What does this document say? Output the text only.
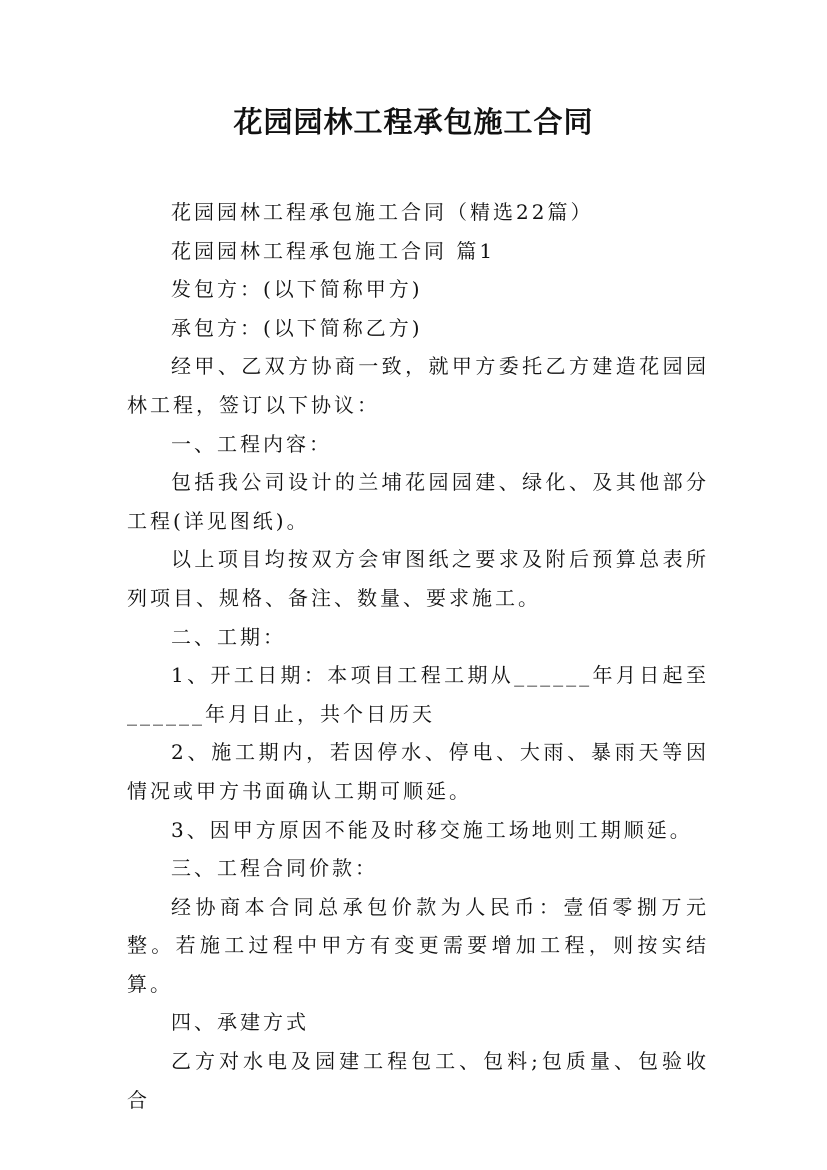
花园园林工程承包施工合同

花园园林工程承包施工合同（精选22篇）

花园园林工程承包施工合同 篇1

发包方：(以下简称甲方)

承包方：(以下简称乙方)

经甲、乙双方协商一致，就甲方委托乙方建造花园园林工程，签订以下协议：

一、工程内容：

包括我公司设计的兰埔花园园建、绿化、及其他部分工程(详见图纸)。

以上项目均按双方会审图纸之要求及附后预算总表所列项目、规格、备注、数量、要求施工。

二、工期：

1、开工日期：本项目工程工期从______年月日起至______年月日止，共个日历天

2、施工期内，若因停水、停电、大雨、暴雨天等因情况或甲方书面确认工期可顺延。

3、因甲方原因不能及时移交施工场地则工期顺延。

三、工程合同价款：

经协商本合同总承包价款为人民币：壹佰零捌万元整。若施工过程中甲方有变更需要增加工程，则按实结算。

四、承建方式

乙方对水电及园建工程包工、包料;包质量、包验收合
